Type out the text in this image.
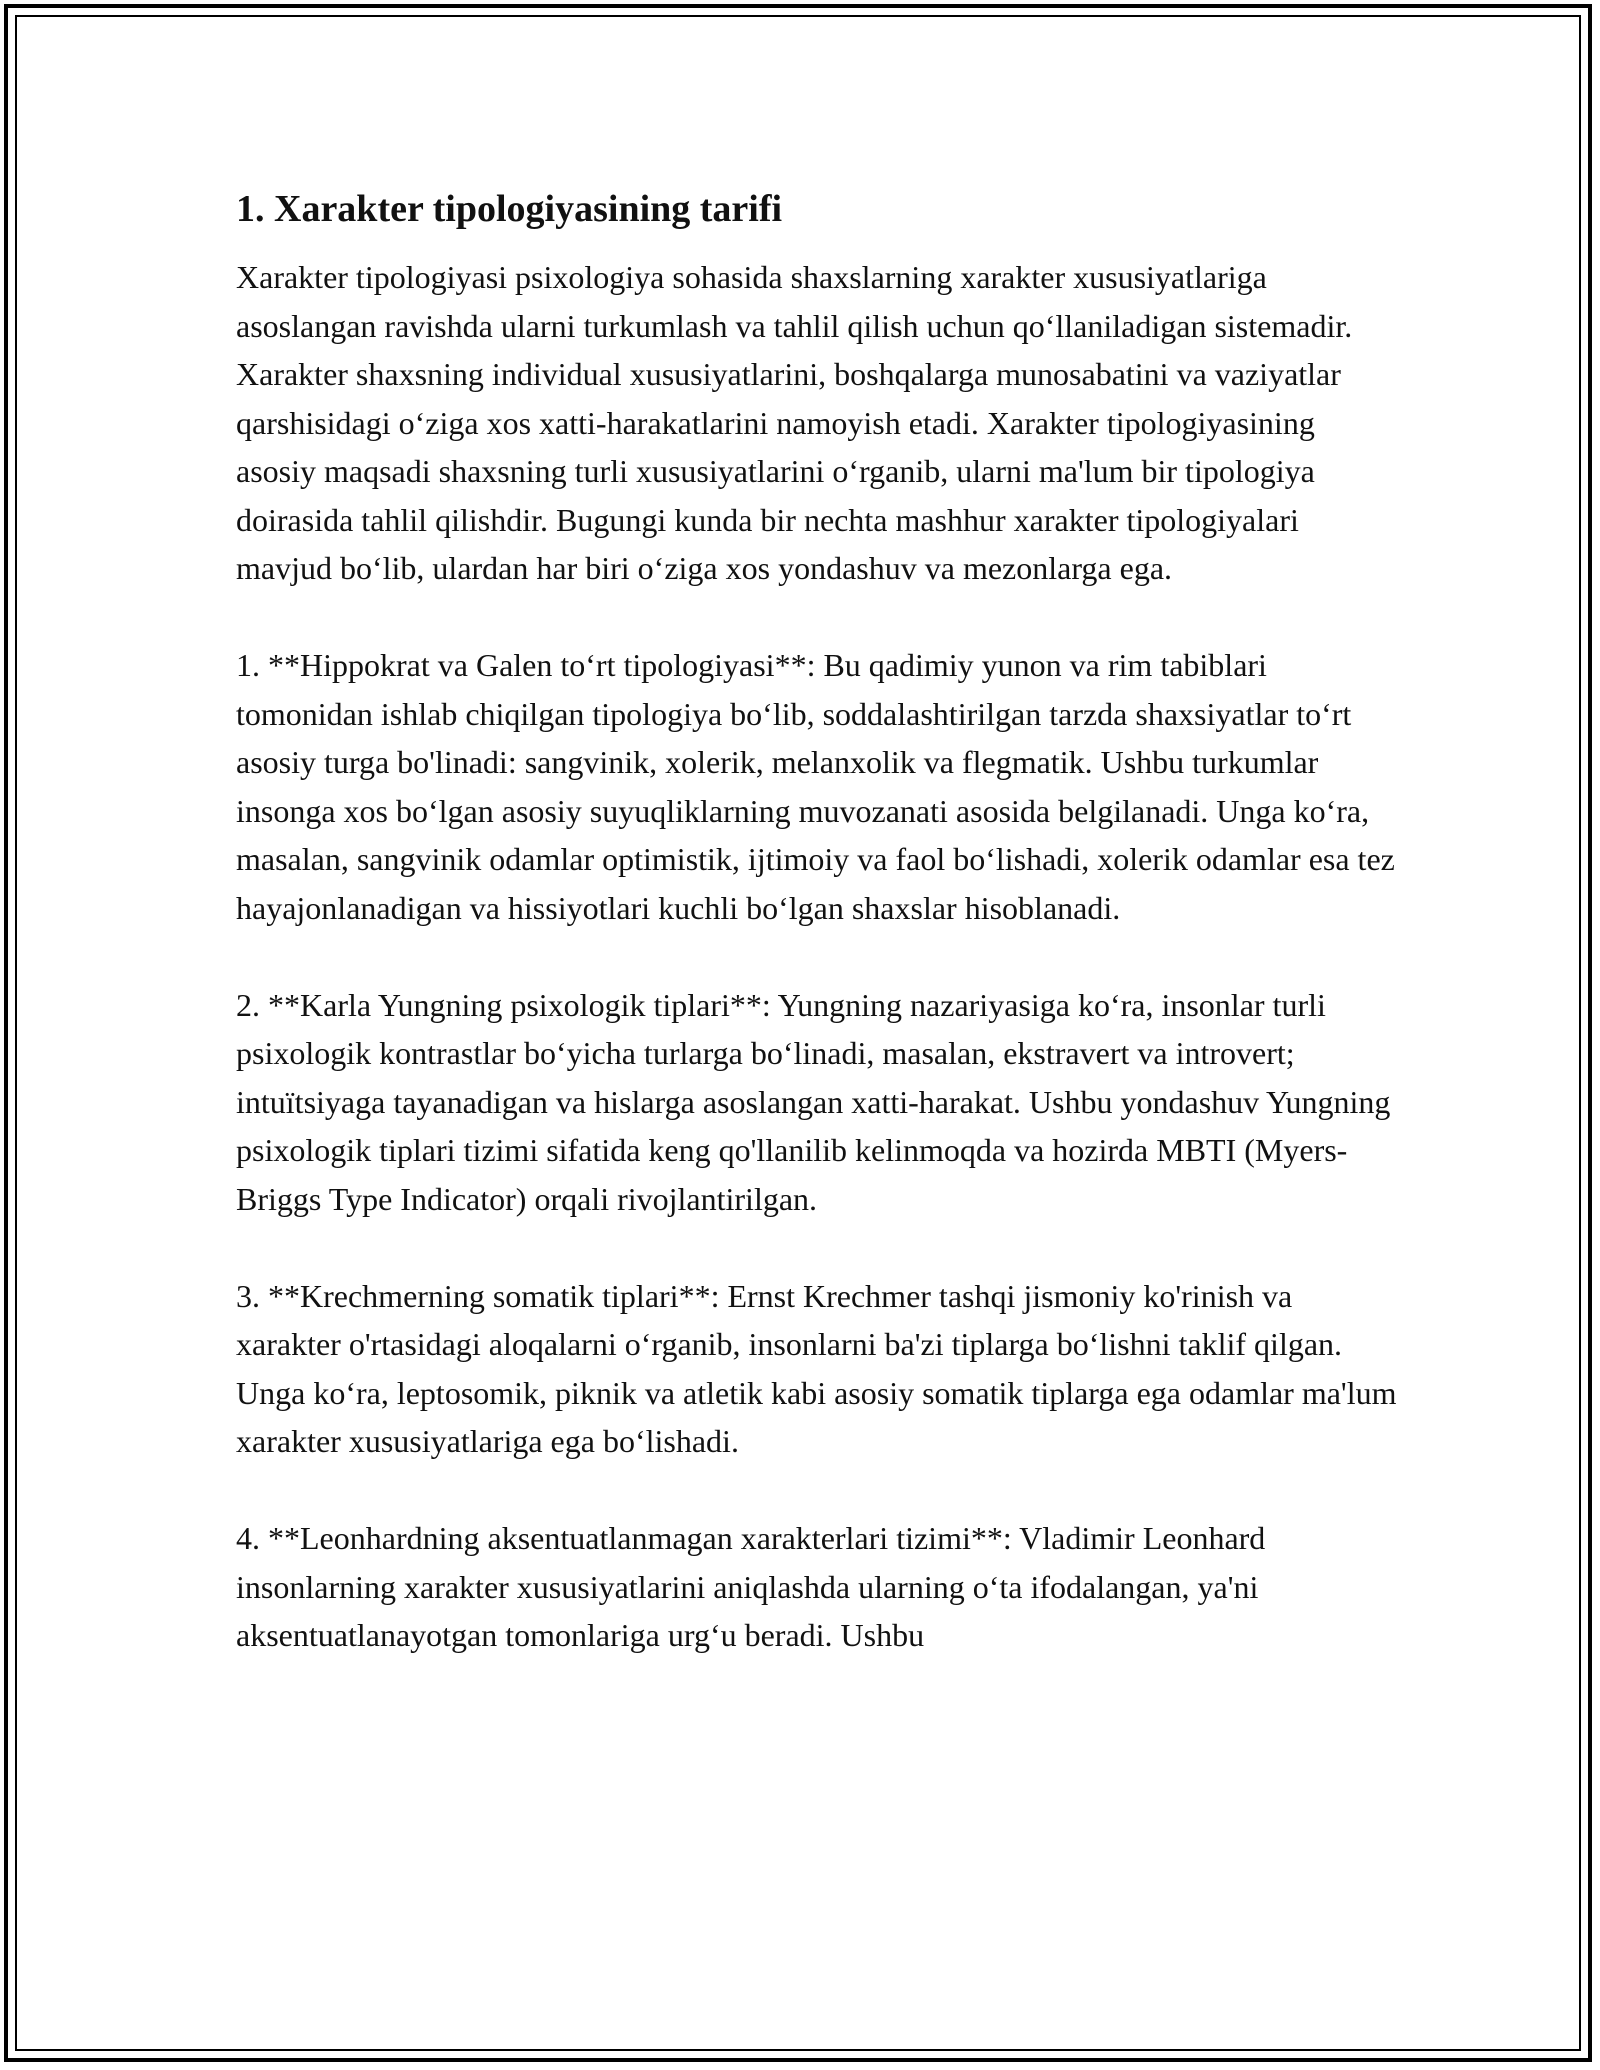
1. Xarakter tipologiyasining tarifi

Xarakter tipologiyasi psixologiya sohasida shaxslarning xarakter xususiyatlariga asoslangan ravishda ularni turkumlash va tahlil qilish uchun qo‘llaniladigan sistemadir. Xarakter shaxsning individual xususiyatlarini, boshqalarga munosabatini va vaziyatlar qarshisidagi o‘ziga xos xatti-harakatlarini namoyish etadi. Xarakter tipologiyasining asosiy maqsadi shaxsning turli xususiyatlarini o‘rganib, ularni ma'lum bir tipologiya doirasida tahlil qilishdir. Bugungi kunda bir nechta mashhur xarakter tipologiyalari mavjud bo‘lib, ulardan har biri o‘ziga xos yondashuv va mezonlarga ega.

1. **Hippokrat va Galen to‘rt tipologiyasi**: Bu qadimiy yunon va rim tabiblari tomonidan ishlab chiqilgan tipologiya bo‘lib, soddalashtirilgan tarzda shaxsiyatlar to‘rt asosiy turga bo'linadi: sangvinik, xolerik, melanxolik va flegmatik. Ushbu turkumlar insonga xos bo‘lgan asosiy suyuqliklarning muvozanati asosida belgilanadi. Unga ko‘ra, masalan, sangvinik odamlar optimistik, ijtimoiy va faol bo‘lishadi, xolerik odamlar esa tez hayajonlanadigan va hissiyotlari kuchli bo‘lgan shaxslar hisoblanadi.

2. **Karla Yungning psixologik tiplari**: Yungning nazariyasiga ko‘ra, insonlar turli psixologik kontrastlar bo‘yicha turlarga bo‘linadi, masalan, ekstravert va introvert; intuïtsiyaga tayanadigan va hislarga asoslangan xatti-harakat. Ushbu yondashuv Yungning psixologik tiplari tizimi sifatida keng qo'llanilib kelinmoqda va hozirda MBTI (Myers-Briggs Type Indicator) orqali rivojlantirilgan.

3. **Krechmerning somatik tiplari**: Ernst Krechmer tashqi jismoniy ko'rinish va xarakter o'rtasidagi aloqalarni o‘rganib, insonlarni ba'zi tiplarga bo‘lishni taklif qilgan. Unga ko‘ra, leptosomik, piknik va atletik kabi asosiy somatik tiplarga ega odamlar ma'lum xarakter xususiyatlariga ega bo‘lishadi.

4. **Leonhardning aksentuatlanmagan xarakterlari tizimi**: Vladimir Leonhard insonlarning xarakter xususiyatlarini aniqlashda ularning o‘ta ifodalangan, ya'ni aksentuatlanayotgan tomonlariga urg‘u beradi. Ushbu
